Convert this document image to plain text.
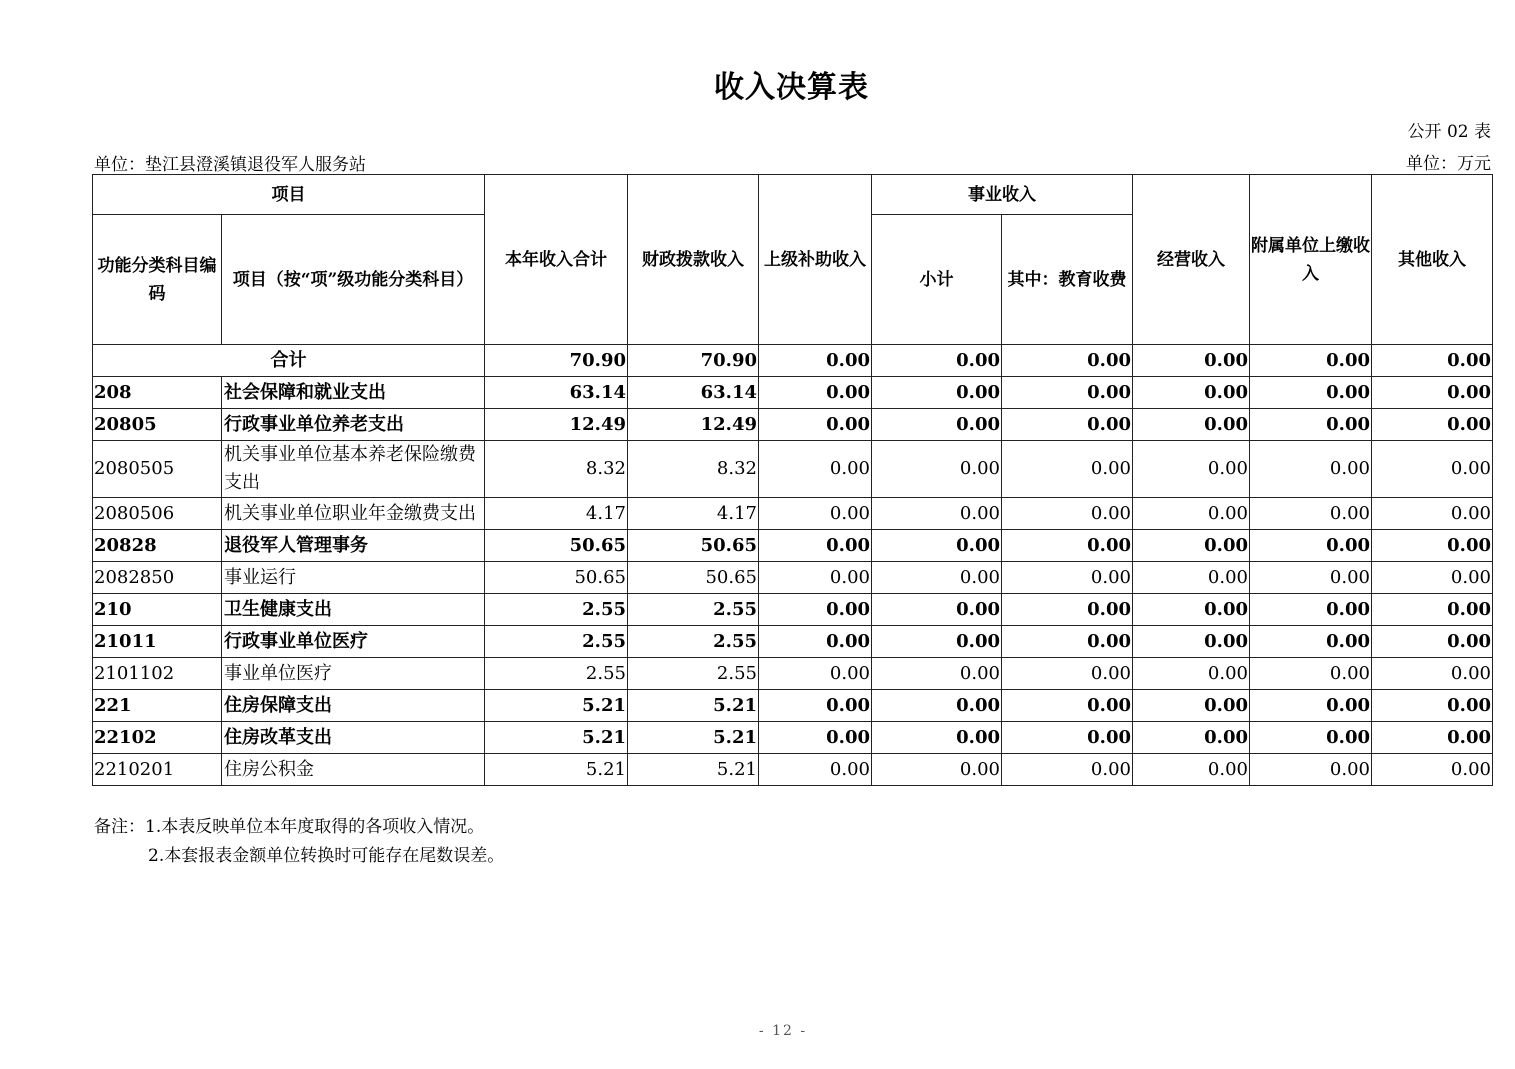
收入决算表
公开 02 表
单位：垫江县澄溪镇退役军人服务站	单位：万元
项目		本年收入合计	财政拨款收入	上级补助收入	事业收入		经营收入	附属单位上缴收入	其他收入
功能分类科目编码	项目（按“项”级功能分类科目）				小计	其中：教育收费			
合计		70.90	70.90	0.00	0.00	0.00	0.00	0.00	0.00
208	社会保障和就业支出	63.14	63.14	0.00	0.00	0.00	0.00	0.00	0.00
20805	行政事业单位养老支出	12.49	12.49	0.00	0.00	0.00	0.00	0.00	0.00
2080505	机关事业单位基本养老保险缴费支出	8.32	8.32	0.00	0.00	0.00	0.00	0.00	0.00
2080506	机关事业单位职业年金缴费支出	4.17	4.17	0.00	0.00	0.00	0.00	0.00	0.00
20828	退役军人管理事务	50.65	50.65	0.00	0.00	0.00	0.00	0.00	0.00
2082850	事业运行	50.65	50.65	0.00	0.00	0.00	0.00	0.00	0.00
210	卫生健康支出	2.55	2.55	0.00	0.00	0.00	0.00	0.00	0.00
21011	行政事业单位医疗	2.55	2.55	0.00	0.00	0.00	0.00	0.00	0.00
2101102	事业单位医疗	2.55	2.55	0.00	0.00	0.00	0.00	0.00	0.00
221	住房保障支出	5.21	5.21	0.00	0.00	0.00	0.00	0.00	0.00
22102	住房改革支出	5.21	5.21	0.00	0.00	0.00	0.00	0.00	0.00
2210201	住房公积金	5.21	5.21	0.00	0.00	0.00	0.00	0.00	0.00
备注：1.本表反映单位本年度取得的各项收入情况。
2.本套报表金额单位转换时可能存在尾数误差。
- 12 -
